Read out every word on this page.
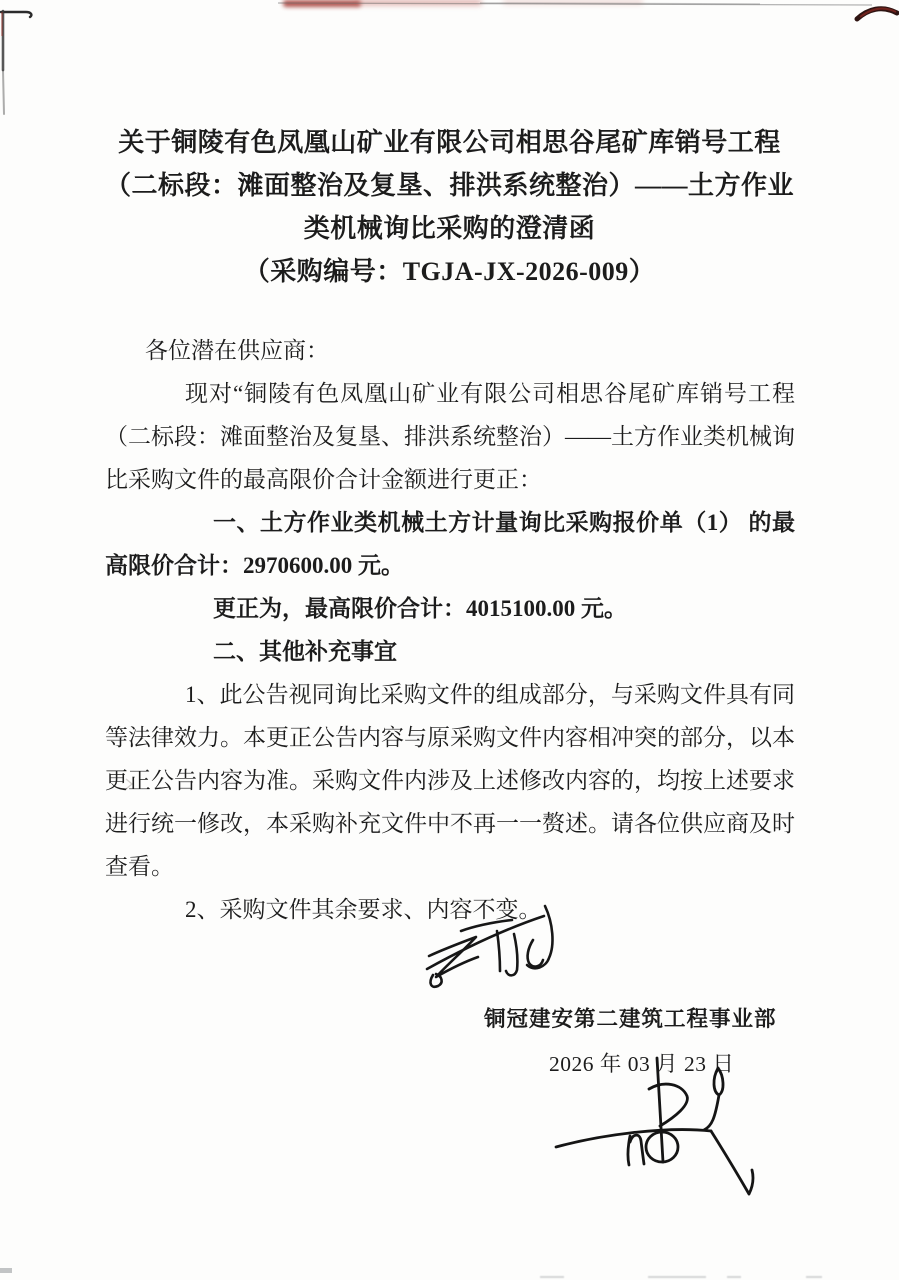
关于铜陵有色凤凰山矿业有限公司相思谷尾矿库销号工程
（二标段：滩面整治及复垦、排洪系统整治）——土方作业
类机械询比采购的澄清函
（采购编号：TGJA-JX-2026-009）

各位潜在供应商：

现对“铜陵有色凤凰山矿业有限公司相思谷尾矿库销号工程（二标段：滩面整治及复垦、排洪系统整治）——土方作业类机械询比采购文件的最高限价合计金额进行更正：

一、土方作业类机械土方计量询比采购报价单（1） 的最高限价合计：2970600.00 元。

更正为，最高限价合计：4015100.00 元。

二、其他补充事宜

1、此公告视同询比采购文件的组成部分，与采购文件具有同等法律效力。本更正公告内容与原采购文件内容相冲突的部分，以本更正公告内容为准。采购文件内涉及上述修改内容的，均按上述要求进行统一修改，本采购补充文件中不再一一赘述。请各位供应商及时查看。

2、采购文件其余要求、内容不变。

铜冠建安第二建筑工程事业部
2026 年 03 月 23 日
